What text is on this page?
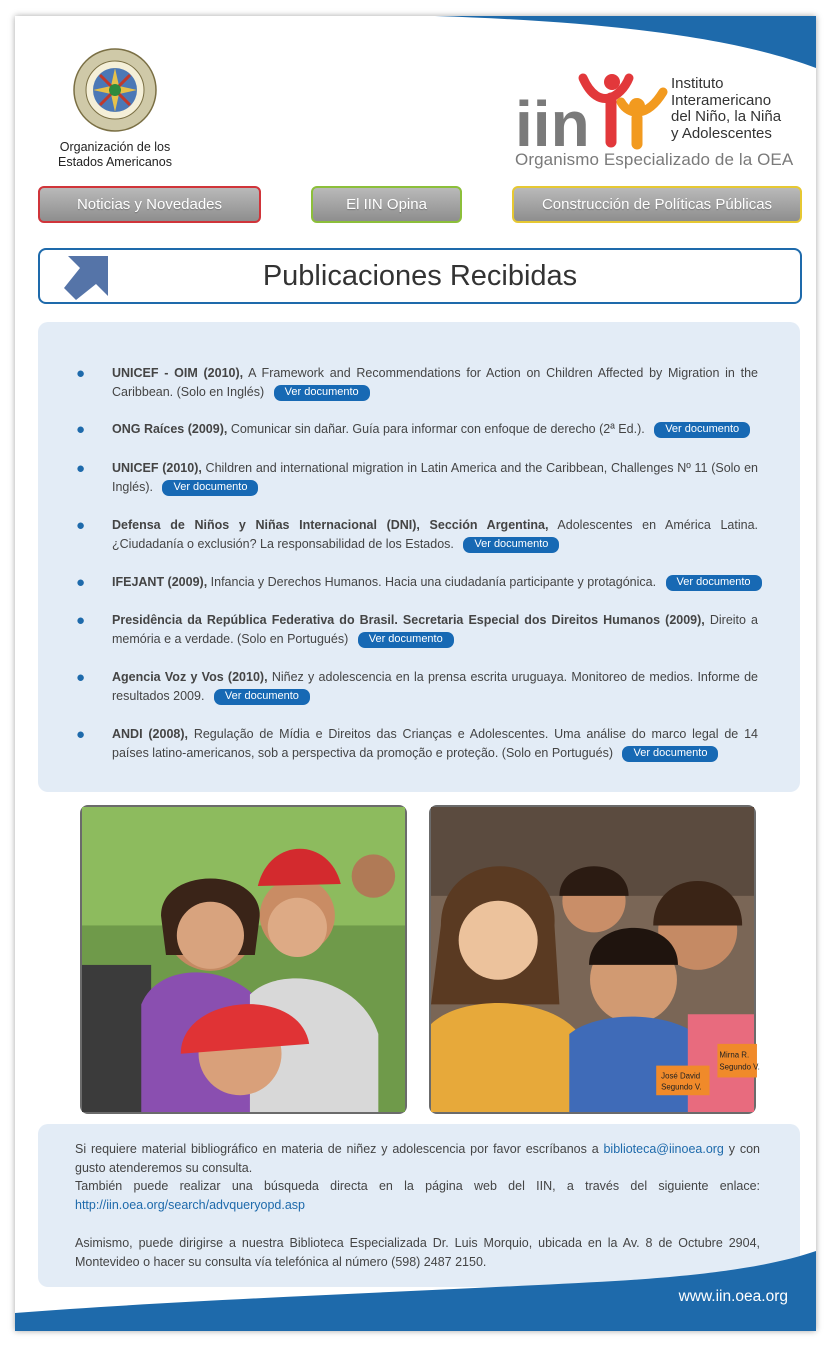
Organización de los
Estados Americanos
iin
Instituto
Interamericano
del Niño, la Niña
y Adolescentes
Organismo Especializado de la OEA
Noticias y Novedades	El IIN Opina	Construcción de Políticas Públicas
Publicaciones Recibidas
● UNICEF - OIM (2010), A Framework and Recommendations for Action on Children Affected by Migration in the Caribbean. (Solo en Inglés) Ver documento
● ONG Raíces (2009), Comunicar sin dañar. Guía para informar con enfoque de derecho (2ª Ed.). Ver documento
● UNICEF (2010), Children and international migration in Latin America and the Caribbean, Challenges Nº 11 (Solo en Inglés). Ver documento
● Defensa de Niños y Niñas Internacional (DNI), Sección Argentina, Adolescentes en América Latina. ¿Ciudadanía o exclusión? La responsabilidad de los Estados. Ver documento
● IFEJANT (2009), Infancia y Derechos Humanos. Hacia una ciudadanía participante y protagónica. Ver documento
● Presidência da República Federativa do Brasil. Secretaria Especial dos Direitos Humanos (2009), Direito a memória e a verdade. (Solo en Portugués) Ver documento
● Agencia Voz y Vos (2010), Niñez y adolescencia en la prensa escrita uruguaya. Monitoreo de medios. Informe de resultados 2009. Ver documento
● ANDI (2008), Regulação de Mídia e Direitos das Crianças e Adolescentes. Uma análise do marco legal de 14 países latino-americanos, sob a perspectiva da promoção e proteção. (Solo en Portugués) Ver documento
José David
Segundo V.
Mirna R.
Segundo V.

Si requiere material bibliográfico en materia de niñez y adolescencia por favor escríbanos a biblioteca@iinoea.org y con gusto atenderemos su consulta.

También puede realizar una búsqueda directa en la página web del IIN, a través del siguiente enlace: http://iin.oea.org/search/advqueryopd.asp

Asimismo, puede dirigirse a nuestra Biblioteca Especializada Dr. Luis Morquio, ubicada en la Av. 8 de Octubre 2904, Montevideo o hacer su consulta vía telefónica al número (598) 2487 2150.

www.iin.oea.org
